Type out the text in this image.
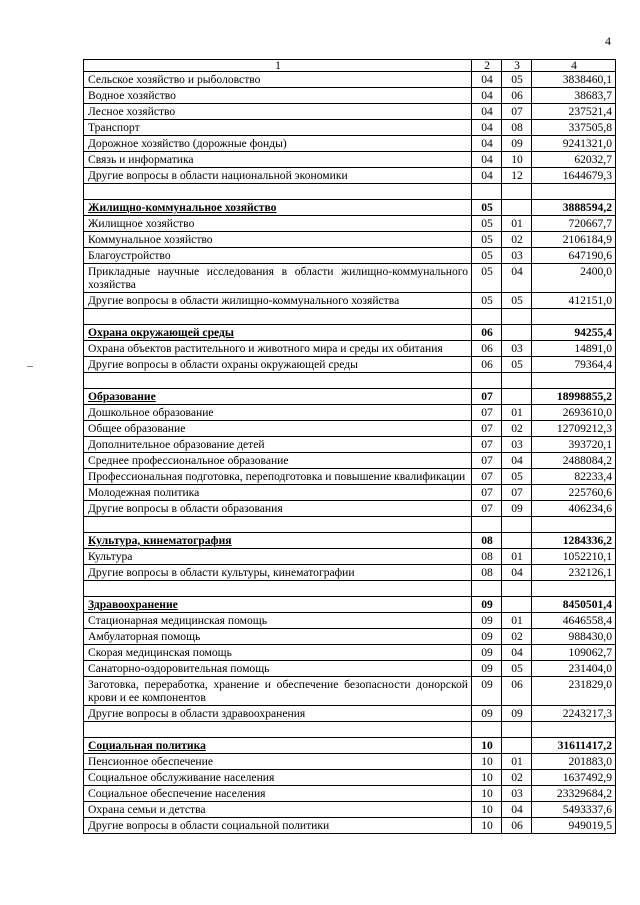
4
1	2	3	4
Сельское хозяйство и рыболовство	04	05	3838460,1
Водное хозяйство	04	06	38683,7
Лесное хозяйство	04	07	237521,4
Транспорт	04	08	337505,8
Дорожное хозяйство (дорожные фонды)	04	09	9241321,0
Связь и информатика	04	10	62032,7
Другие вопросы в области национальной экономики	04	12	1644679,3

Жилищно-коммунальное хозяйство	05		3888594,2
Жилищное хозяйство	05	01	720667,7
Коммунальное хозяйство	05	02	2106184,9
Благоустройство	05	03	647190,6
Прикладные научные исследования в области жилищно-коммунального хозяйства	05	04	2400,0
Другие вопросы в области жилищно-коммунального хозяйства	05	05	412151,0

Охрана окружающей среды	06		94255,4
Охрана объектов растительного и животного мира и среды их обитания	06	03	14891,0
Другие вопросы в области охраны окружающей среды	06	05	79364,4

Образование	07		18998855,2
Дошкольное образование	07	01	2693610,0
Общее образование	07	02	12709212,3
Дополнительное образование детей	07	03	393720,1
Среднее профессиональное образование	07	04	2488084,2
Профессиональная подготовка, переподготовка и повышение квалификации	07	05	82233,4
Молодежная политика	07	07	225760,6
Другие вопросы в области образования	07	09	406234,6

Культура, кинематография	08		1284336,2
Культура	08	01	1052210,1
Другие вопросы в области культуры, кинематографии	08	04	232126,1

Здравоохранение	09		8450501,4
Стационарная медицинская помощь	09	01	4646558,4
Амбулаторная помощь	09	02	988430,0
Скорая медицинская помощь	09	04	109062,7
Санаторно-оздоровительная помощь	09	05	231404,0
Заготовка, переработка, хранение и обеспечение безопасности донорской крови и ее компонентов	09	06	231829,0
Другие вопросы в области здравоохранения	09	09	2243217,3

Социальная политика	10		31611417,2
Пенсионное обеспечение	10	01	201883,0
Социальное обслуживание населения	10	02	1637492,9
Социальное обеспечение населения	10	03	23329684,2
Охрана семьи и детства	10	04	5493337,6
Другие вопросы в области социальной политики	10	06	949019,5
